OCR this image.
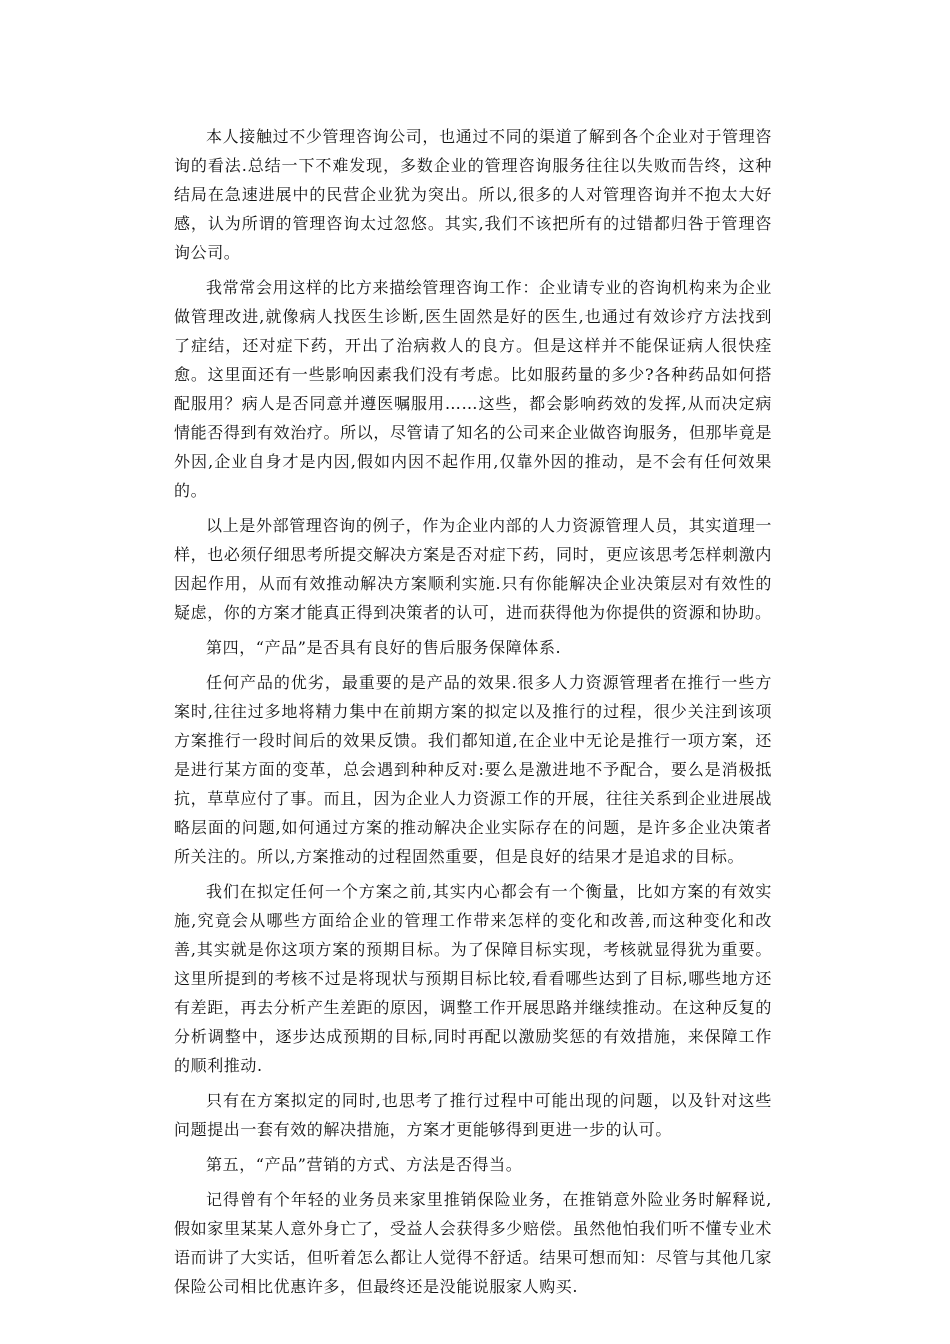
本人接触过不少管理咨询公司，也通过不同的渠道了解到各个企业对于管理咨询的看法.总结一下不难发现，多数企业的管理咨询服务往往以失败而告终，这种结局在急速进展中的民营企业犹为突出。所以,很多的人对管理咨询并不抱太大好感，认为所谓的管理咨询太过忽悠。其实,我们不该把所有的过错都归咎于管理咨询公司。

我常常会用这样的比方来描绘管理咨询工作：企业请专业的咨询机构来为企业做管理改进,就像病人找医生诊断,医生固然是好的医生,也通过有效诊疗方法找到了症结，还对症下药，开出了治病救人的良方。但是这样并不能保证病人很快痊愈。这里面还有一些影响因素我们没有考虑。比如服药量的多少?各种药品如何搭配服用？病人是否同意并遵医嘱服用……这些，都会影响药效的发挥,从而决定病情能否得到有效治疗。所以，尽管请了知名的公司来企业做咨询服务，但那毕竟是外因,企业自身才是内因,假如内因不起作用,仅靠外因的推动，是不会有任何效果的。

以上是外部管理咨询的例子，作为企业内部的人力资源管理人员，其实道理一样，也必须仔细思考所提交解决方案是否对症下药，同时，更应该思考怎样刺激内因起作用，从而有效推动解决方案顺利实施.只有你能解决企业决策层对有效性的疑虑，你的方案才能真正得到决策者的认可，进而获得他为你提供的资源和协助。

第四，“产品”是否具有良好的售后服务保障体系.

任何产品的优劣，最重要的是产品的效果.很多人力资源管理者在推行一些方案时,往往过多地将精力集中在前期方案的拟定以及推行的过程，很少关注到该项方案推行一段时间后的效果反馈。我们都知道,在企业中无论是推行一项方案，还是进行某方面的变革，总会遇到种种反对:要么是激进地不予配合，要么是消极抵抗，草草应付了事。而且，因为企业人力资源工作的开展，往往关系到企业进展战略层面的问题,如何通过方案的推动解决企业实际存在的问题，是许多企业决策者所关注的。所以,方案推动的过程固然重要，但是良好的结果才是追求的目标。

我们在拟定任何一个方案之前,其实内心都会有一个衡量，比如方案的有效实施,究竟会从哪些方面给企业的管理工作带来怎样的变化和改善,而这种变化和改善,其实就是你这项方案的预期目标。为了保障目标实现，考核就显得犹为重要。这里所提到的考核不过是将现状与预期目标比较,看看哪些达到了目标,哪些地方还有差距，再去分析产生差距的原因，调整工作开展思路并继续推动。在这种反复的分析调整中，逐步达成预期的目标,同时再配以激励奖惩的有效措施，来保障工作的顺利推动.

只有在方案拟定的同时,也思考了推行过程中可能出现的问题，以及针对这些问题提出一套有效的解决措施，方案才更能够得到更进一步的认可。

第五，“产品”营销的方式、方法是否得当。

记得曾有个年轻的业务员来家里推销保险业务，在推销意外险业务时解释说,假如家里某某人意外身亡了，受益人会获得多少赔偿。虽然他怕我们听不懂专业术语而讲了大实话，但听着怎么都让人觉得不舒适。结果可想而知：尽管与其他几家保险公司相比优惠许多，但最终还是没能说服家人购买.
